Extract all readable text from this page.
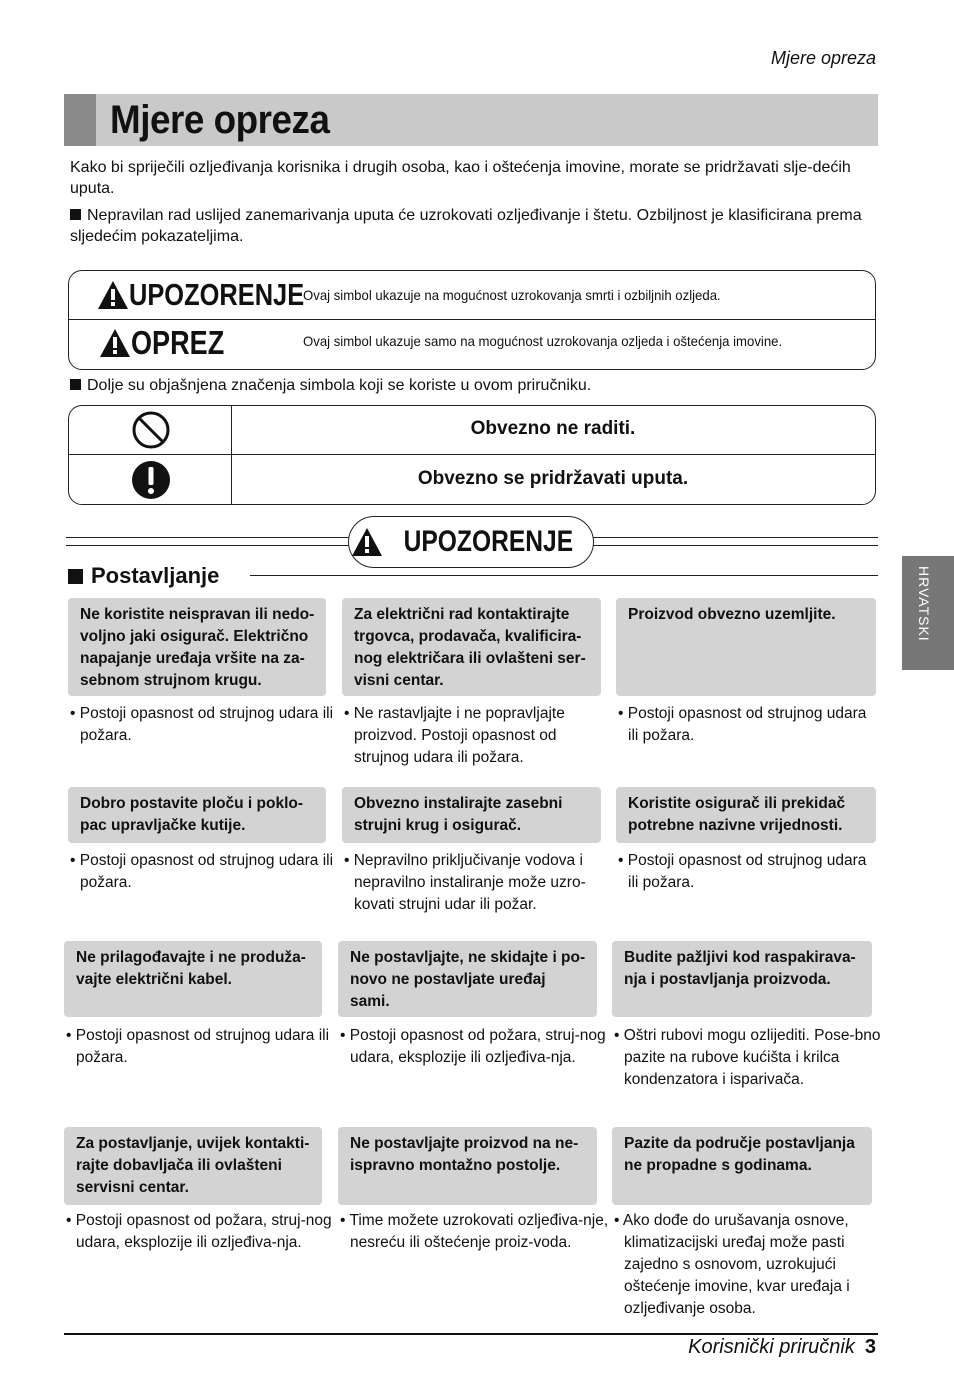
Mjere opreza
Mjere opreza
Kako bi spriječili ozljeđivanja korisnika i drugih osoba, kao i oštećenja imovine, morate se pridržavati slje-dećih uputa.
Nepravilan rad uslijed zanemarivanja uputa će uzrokovati ozljeđivanje i štetu. Ozbiljnost je klasificirana prema sljedećim pokazateljima.
UPOZORENJE
Ovaj simbol ukazuje na mogućnost uzrokovanja smrti i ozbiljnih ozljeda.
OPREZ	Ovaj simbol ukazuje samo na mogućnost uzrokovanja ozljeda i oštećenja imovine.
Dolje su objašnjena značenja simbola koji se koriste u ovom priručniku.
Obvezno ne raditi.
Obvezno se pridržavati uputa.
UPOZORENJE
Postavljanje	HRVATSKI
Ne koristite neispravan ili nedo-voljno jaki osigurač. Električno napajanje uređaja vršite na za-sebnom strujnom krugu.
• Postoji opasnost od strujnog udara ili požara.
Za električni rad kontaktirajte trgovca, prodavača, kvalificira-nog električara ili ovlašteni ser-visni centar.
• Ne rastavljajte i ne popravljajte proizvod. Postoji opasnost od strujnog udara ili požara.
Proizvod obvezno uzemljite.
• Postoji opasnost od strujnog udara ili požara.
Dobro postavite ploču i poklo-pac upravljačke kutije.
• Postoji opasnost od strujnog udara ili požara.
Obvezno instalirajte zasebni strujni krug i osigurač.
• Nepravilno priključivanje vodova i nepravilno instaliranje može uzro-kovati strujni udar ili požar.
Koristite osigurač ili prekidač potrebne nazivne vrijednosti.
• Postoji opasnost od strujnog udara ili požara.
Ne prilagođavajte i ne produža-vajte električni kabel.
• Postoji opasnost od strujnog udara ili požara.
Ne postavljajte, ne skidajte i po-novo ne postavljate uređaj sami.
• Postoji opasnost od požara, struj-nog udara, eksplozije ili ozljeđiva-nja.
Budite pažljivi kod raspakirava-nja i postavljanja proizvoda.
• Oštri rubovi mogu ozlijediti. Pose-bno pazite na rubove kućišta i krilca kondenzatora i isparivača.
Za postavljanje, uvijek kontakti-rajte dobavljača ili ovlašteni servisni centar.
• Postoji opasnost od požara, struj-nog udara, eksplozije ili ozljeđiva-nja.
Ne postavljajte proizvod na ne-ispravno montažno postolje.
• Time možete uzrokovati ozljeđiva-nje, nesreću ili oštećenje proiz-voda.
Pazite da područje postavljanja ne propadne s godinama.
• Ako dođe do urušavanja osnove, klimatizacijski uređaj može pasti zajedno s osnovom, uzrokujući oštećenje imovine, kvar uređaja i ozljeđivanje osoba.
Korisnički priručnik 3
